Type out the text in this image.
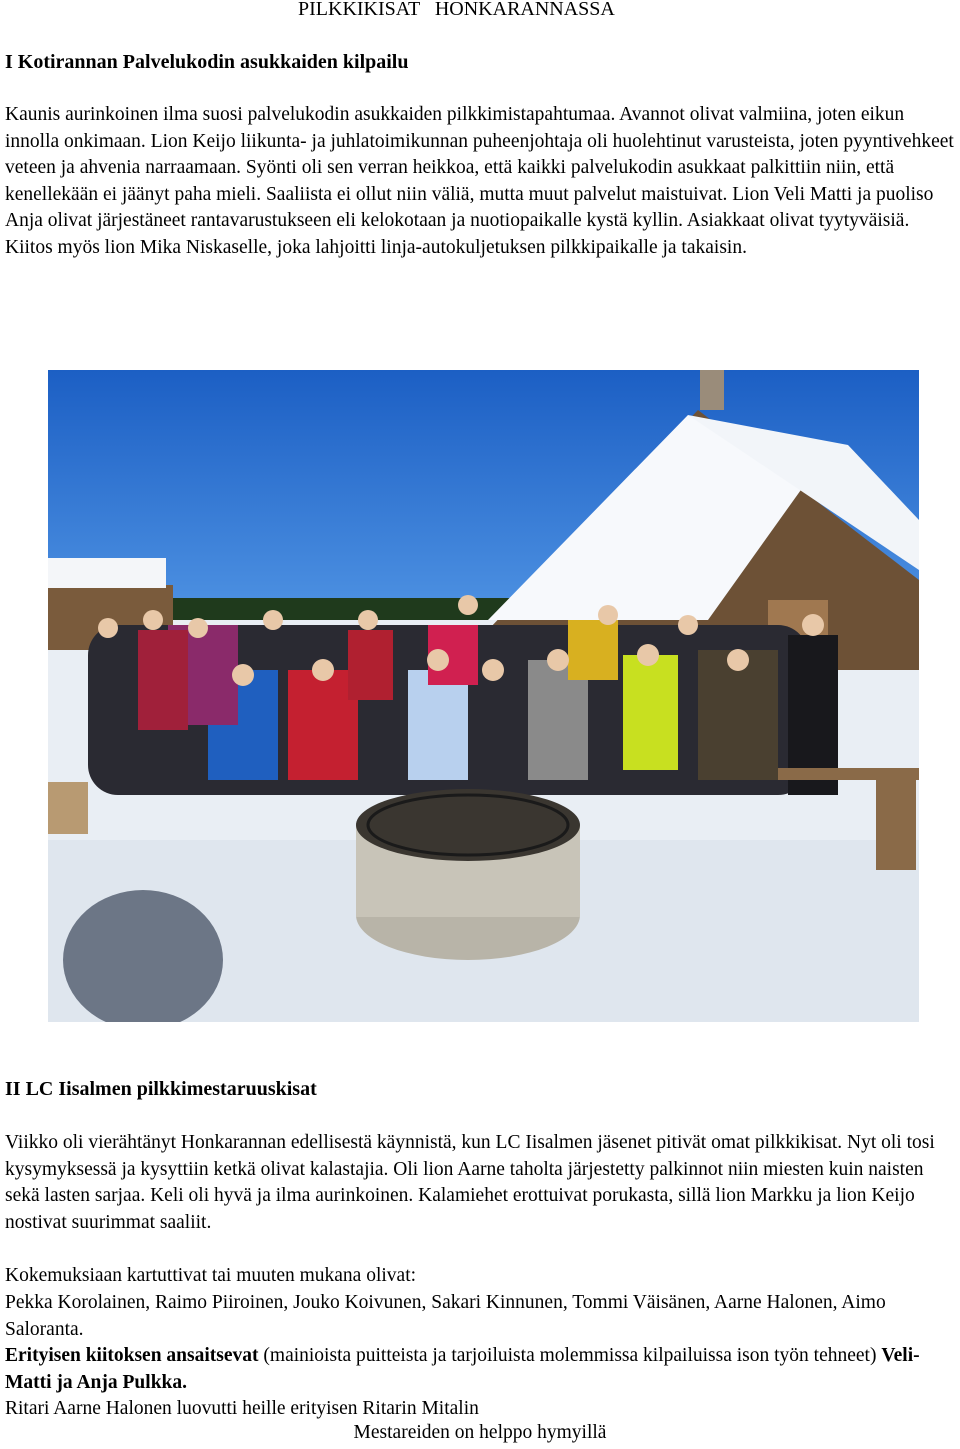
PILKKIKISAT   HONKARANNASSA
I Kotirannan Palvelukodin asukkaiden kilpailu
Kaunis aurinkoinen ilma suosi palvelukodin asukkaiden pilkkimistapahtumaa. Avannot olivat valmiina, joten eikun innolla onkimaan. Lion Keijo liikunta- ja juhlatoimikunnan puheenjohtaja oli huolehtinut varusteista, joten pyyntivehkeet veteen ja ahvenia narraamaan. Syönti oli sen verran heikkoa, että kaikki palvelukodin asukkaat palkittiin niin, että kenellekään ei jäänyt paha mieli. Saaliista ei ollut niin väliä, mutta muut palvelut maistuivat. Lion Veli Matti ja puoliso Anja olivat järjestäneet rantavarustukseen eli kelokotaan ja nuotiopaikalle kystä kyllin. Asiakkaat olivat tyytyväisiä. Kiitos myös lion Mika Niskaselle, joka lahjoitti linja-autokuljetuksen pilkkipaikalle ja takaisin.
II LC Iisalmen pilkkimestaruuskisat
Viikko oli vierähtänyt Honkarannan edellisestä käynnistä, kun LC Iisalmen jäsenet pitivät omat pilkkikisat. Nyt oli tosi kysymyksessä ja kysyttiin ketkä olivat kalastajia. Oli lion Aarne taholta järjestetty palkinnot niin miesten kuin naisten sekä lasten sarjaa. Keli oli hyvä ja ilma aurinkoinen. Kalamiehet erottuivat porukasta, sillä lion Markku ja lion Keijo nostivat suurimmat saaliit.
Kokemuksiaan kartuttivat tai muuten mukana olivat:
Pekka Korolainen, Raimo Piiroinen, Jouko Koivunen, Sakari Kinnunen, Tommi Väisänen, Aarne Halonen, Aimo Saloranta.
Erityisen kiitoksen ansaitsevat (mainioista puitteista ja tarjoiluista molemmissa kilpailuissa ison työn tehneet) Veli-Matti ja Anja Pulkka.
Ritari Aarne Halonen luovutti heille erityisen Ritarin Mitalin
Mestareiden on helppo hymyillä
